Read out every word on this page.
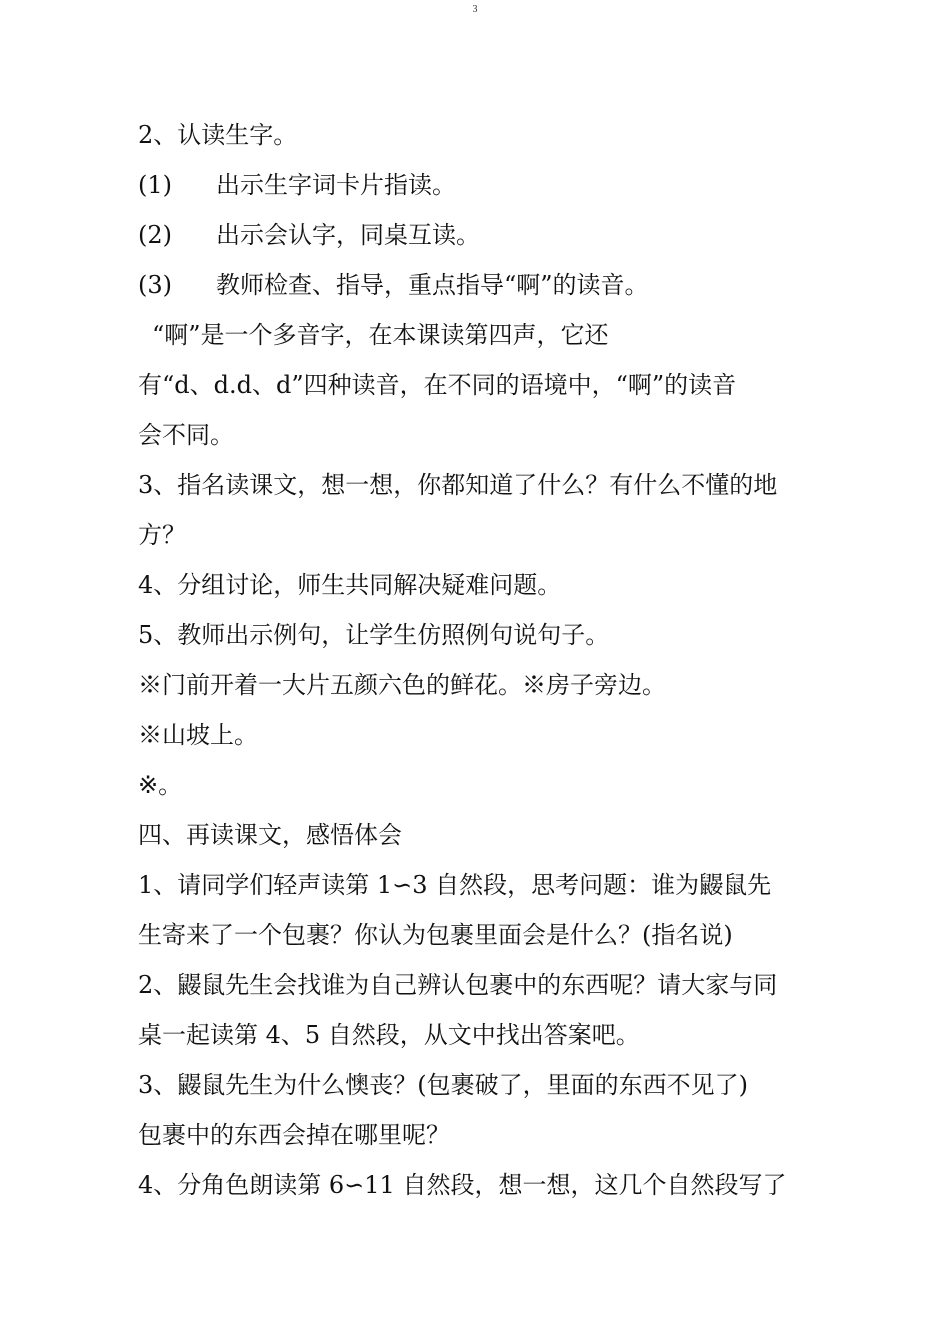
3
2、认读生字。
(1)	出示生字词卡片指读。
(2)	出示会认字，同桌互读。
(3)	教师检查、指导，重点指导“啊”的读音。
“啊”是一个多音字，在本课读第四声，它还
有“d、d.d、d”四种读音，在不同的语境中，“啊”的读音
会不同。
3、指名读课文，想一想，你都知道了什么？有什么不懂的地
方？
4、分组讨论，师生共同解决疑难问题。
5、教师出示例句，让学生仿照例句说句子。
※门前开着一大片五颜六色的鲜花。※房子旁边。
※山坡上。
※。
四、再读课文，感悟体会
1、请同学们轻声读第 1∽3 自然段，思考问题：谁为鼹鼠先
生寄来了一个包裹？你认为包裹里面会是什么？(指名说)
2、鼹鼠先生会找谁为自己辨认包裹中的东西呢？请大家与同
桌一起读第 4、5 自然段，从文中找出答案吧。
3、鼹鼠先生为什么懊丧？(包裹破了，里面的东西不见了)
包裹中的东西会掉在哪里呢？
4、分角色朗读第 6∽11 自然段，想一想，这几个自然段写了
